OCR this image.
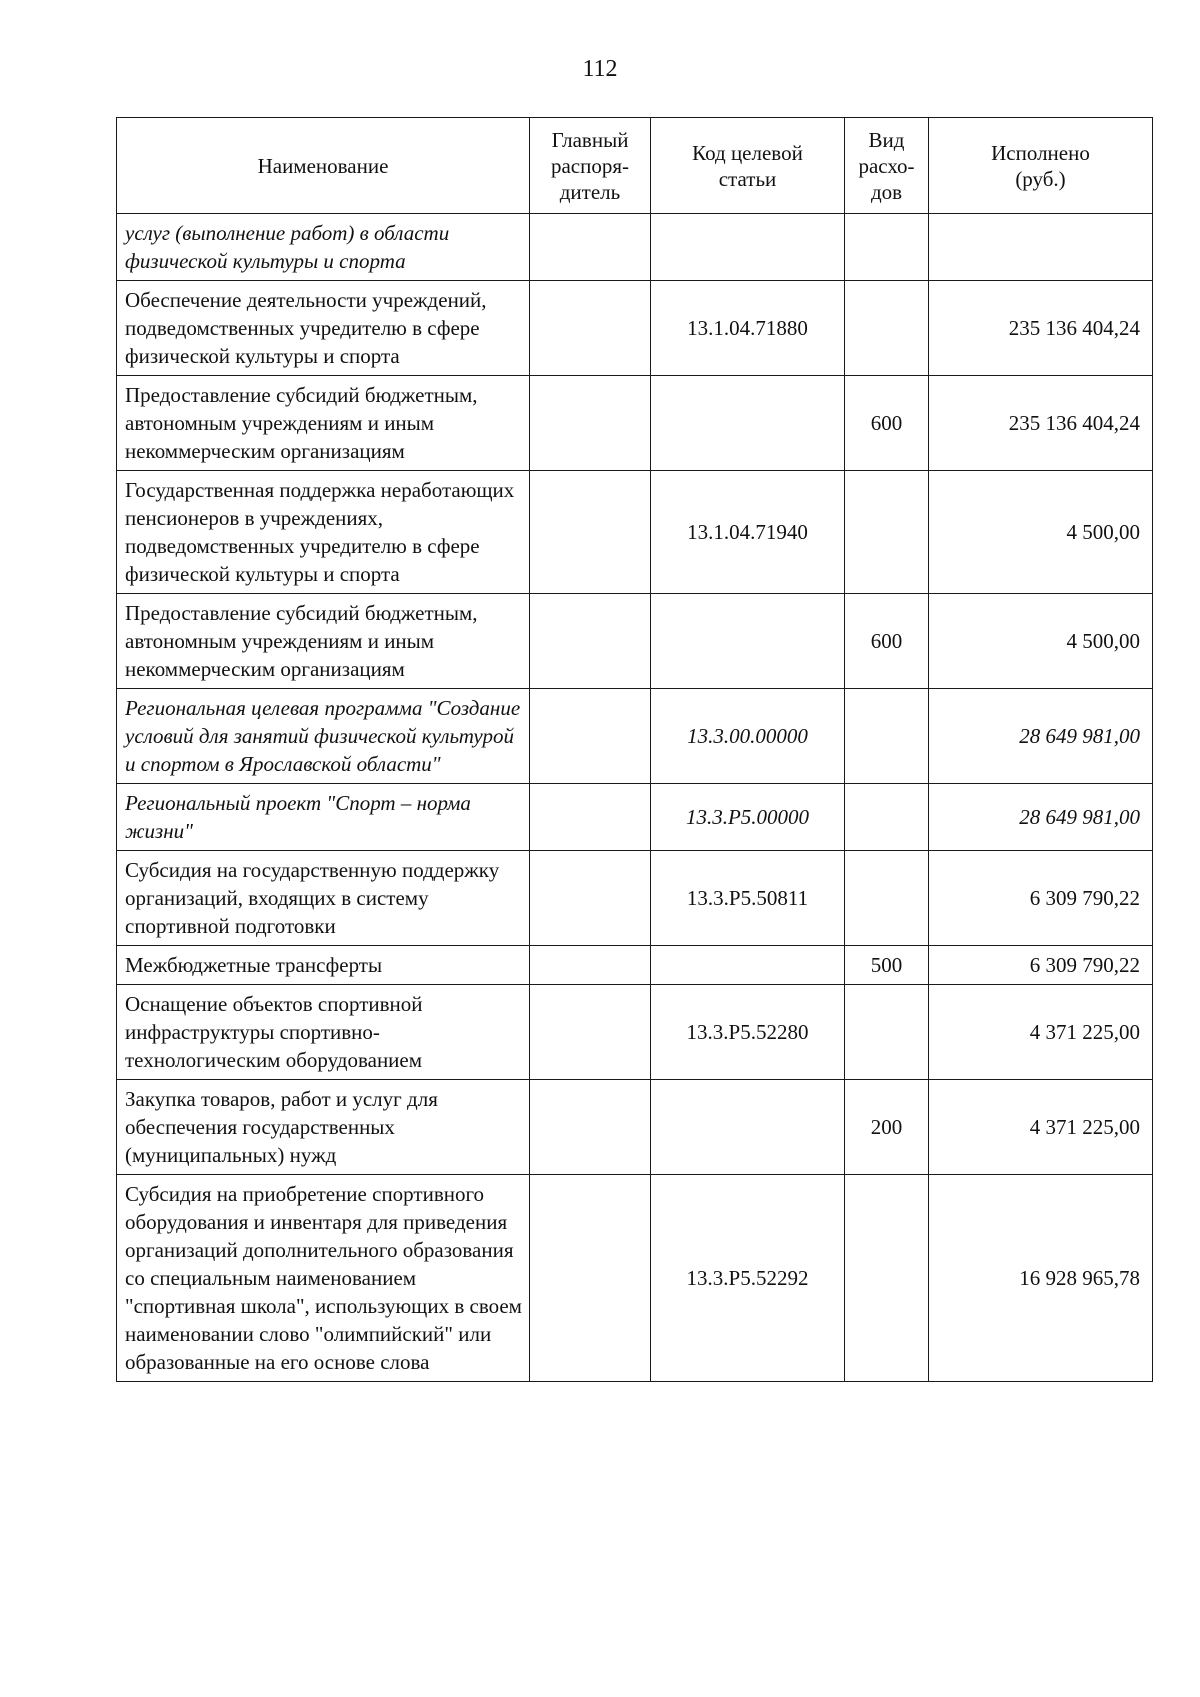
112
Наименование	Главный распоря-дитель	Код целевой статьи	Вид расхо-дов	Исполнено (руб.)
услуг (выполнение работ) в области физической культуры и спорта				
Обеспечение деятельности учреждений, подведомственных учредителю в сфере физической культуры и спорта		13.1.04.71880		235 136 404,24
Предоставление субсидий бюджетным, автономным учреждениям и иным некоммерческим организациям			600	235 136 404,24
Государственная поддержка неработающих пенсионеров в учреждениях, подведомственных учредителю в сфере физической культуры и спорта		13.1.04.71940		4 500,00
Предоставление субсидий бюджетным, автономным учреждениям и иным некоммерческим организациям			600	4 500,00
Региональная целевая программа "Создание условий для занятий физической культурой и спортом в Ярославской области"		13.3.00.00000		28 649 981,00
Региональный проект "Спорт – норма жизни"		13.3.P5.00000		28 649 981,00
Субсидия на государственную поддержку организаций, входящих в систему спортивной подготовки		13.3.P5.50811		6 309 790,22
Межбюджетные трансферты			500	6 309 790,22
Оснащение объектов спортивной инфраструктуры спортивно-технологическим оборудованием		13.3.P5.52280		4 371 225,00
Закупка товаров, работ и услуг для обеспечения государственных (муниципальных) нужд			200	4 371 225,00
Субсидия на приобретение спортивного оборудования и инвентаря для приведения организаций дополнительного образования со специальным наименованием "спортивная школа", использующих в своем наименовании слово "олимпийский" или образованные на его основе слова		13.3.P5.52292		16 928 965,78
